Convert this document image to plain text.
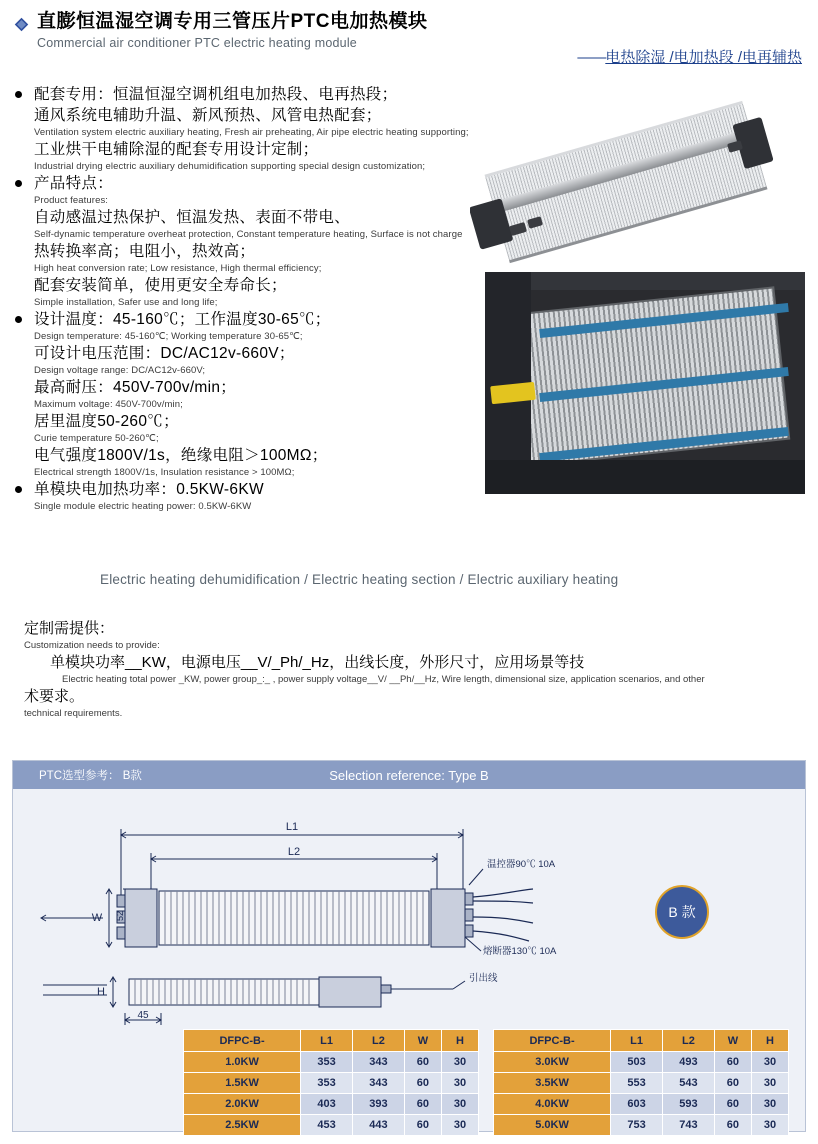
直膨恒温湿空调专用三管压片PTC电加热模块
Commercial air conditioner PTC electric heating module
——电热除湿 /电加热段 /电再辅热
配套专用：恒温恒湿空调机组电加热段、电再热段；
通风系统电辅助升温、新风预热、风管电热配套；
Ventilation system electric auxiliary heating, Fresh air preheating, Air pipe electric heating supporting;
工业烘干电辅除湿的配套专用设计定制；
Industrial drying electric auxiliary dehumidification supporting special design customization;
产品特点：
Product features:
自动感温过热保护、恒温发热、表面不带电、
Self-dynamic temperature overheat protection, Constant temperature heating, Surface is not charge
热转换率高；电阻小，热效高；
High heat conversion rate; Low resistance, High thermal efficiency;
配套安装简单，使用更安全寿命长；
Simple installation, Safer use and long life;
设计温度：45-160℃；工作温度30-65℃；
Design temperature: 45-160℃; Working temperature 30-65℃;
可设计电压范围：DC/AC12v-660V；
Design voltage range: DC/AC12v-660V;
最高耐压：450V-700v/min；
Maximum voltage: 450V-700v/min;
居里温度50-260℃；
Curie temperature 50-260℃;
电气强度1800V/1s，绝缘电阻＞100MΩ；
Electrical strength 1800V/1s, Insulation resistance > 100MΩ;
单模块电加热功率：0.5KW-6KW
Single module electric heating power: 0.5KW-6KW
Electric heating dehumidification / Electric heating section / Electric auxiliary heating
定制需提供：
Customization needs to provide:
单模块功率__KW，电源电压__V/_Ph/_Hz，出线长度，外形尺寸，应用场景等技
Electric heating total power _KW, power group_:_ , power supply voltage__V/ __Ph/__Hz, Wire length, dimensional size, application scenarios, and other
术要求。
technical requirements.
PTC选型参考： B款	Selection reference: Type B
L1
L2
温控器90℃ 10A
熔断器130℃ 10A
W 52
引出线
H
45
B 款
DFPC-B-	L1	L2	W	H
1.0KW	353	343	60	30
1.5KW	353	343	60	30
2.0KW	403	393	60	30
2.5KW	453	443	60	30
DFPC-B-	L1	L2	W	H
3.0KW	503	493	60	30
3.5KW	553	543	60	30
4.0KW	603	593	60	30
5.0KW	753	743	60	30
